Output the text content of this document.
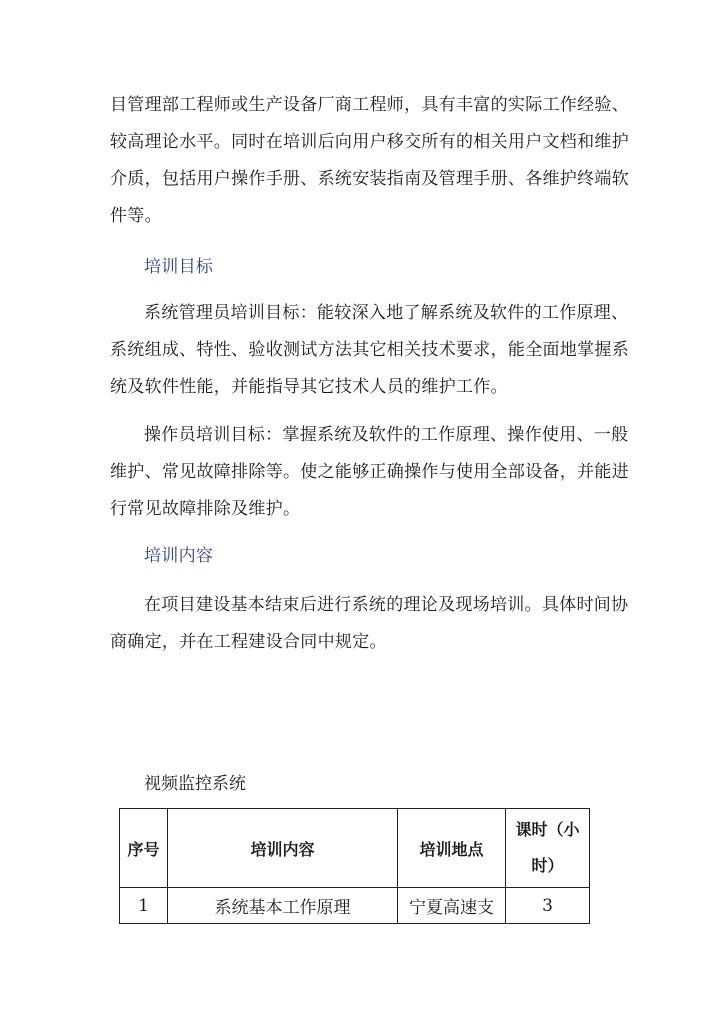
目管理部工程师或生产设备厂商工程师，具有丰富的实际工作经验、
较高理论水平。同时在培训后向用户移交所有的相关用户文档和维护
介质，包括用户操作手册、系统安装指南及管理手册、各维护终端软
件等。
培训目标
系统管理员培训目标：能较深入地了解系统及软件的工作原理、
系统组成、特性、验收测试方法其它相关技术要求，能全面地掌握系
统及软件性能，并能指导其它技术人员的维护工作。
操作员培训目标：掌握系统及软件的工作原理、操作使用、一般
维护、常见故障排除等。使之能够正确操作与使用全部设备，并能进
行常见故障排除及维护。
培训内容
在项目建设基本结束后进行系统的理论及现场培训。具体时间协
商确定，并在工程建设合同中规定。
视频监控系统
序号	培训内容	培训地点	课时（小
时）

1	系统基本工作原理	宁夏高速支	3
